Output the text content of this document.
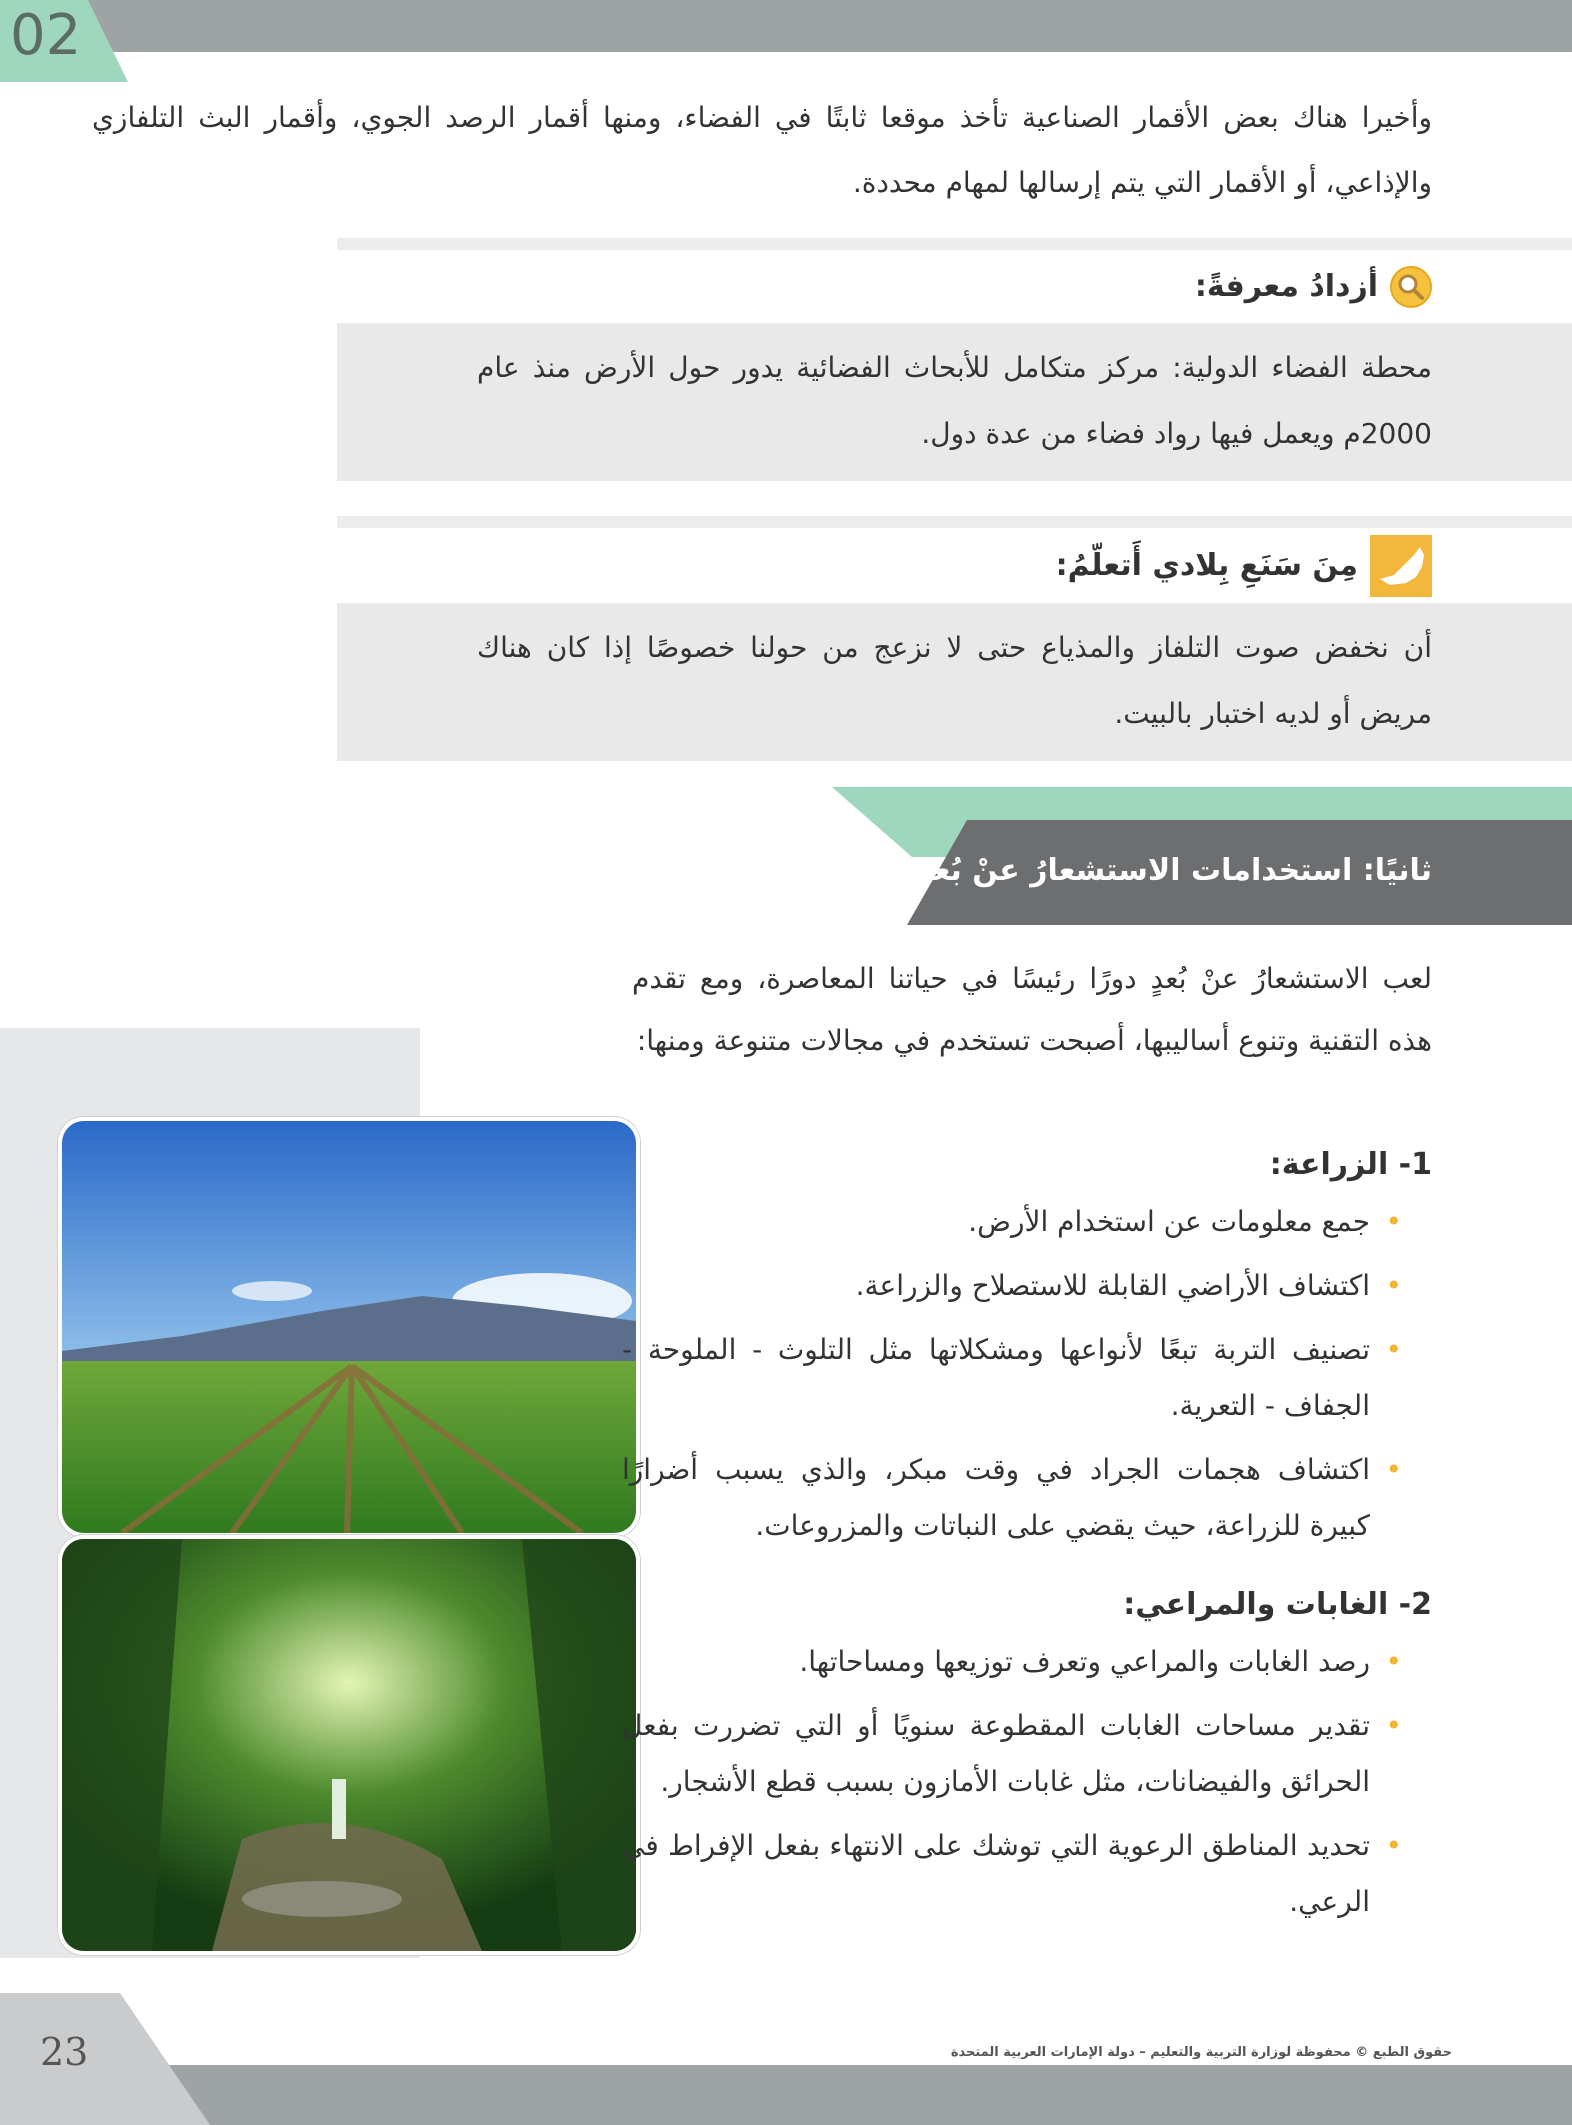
02
وأخيرا هناك بعض الأقمار الصناعية تأخذ موقعا ثابتًا في الفضاء، ومنها أقمار الرصد الجوي، وأقمار البث التلفازي والإذاعي، أو الأقمار التي يتم إرسالها لمهام محددة.
أزدادُ معرفةً:
محطة الفضاء الدولية: مركز متكامل للأبحاث الفضائية يدور حول الأرض منذ عام 2000م ويعمل فيها رواد فضاء من عدة دول.
مِنَ سَنَعِ بِلادي أَتعلّمُ:
أن نخفض صوت التلفاز والمذياع حتى لا نزعج من حولنا خصوصًا إذا كان هناك مريض أو لديه اختبار بالبيت.
ثانيًا: استخدامات الاستشعارُ عنْ بُعدٍ
لعب الاستشعارُ عنْ بُعدٍ دورًا رئيسًا في حياتنا المعاصرة، ومع تقدم هذه التقنية وتنوع أساليبها، أصبحت تستخدم في مجالات متنوعة ومنها:
1- الزراعة:
•
جمع معلومات عن استخدام الأرض.
•
اكتشاف الأراضي القابلة للاستصلاح والزراعة.
•
تصنيف التربة تبعًا لأنواعها ومشكلاتها مثل التلوث - الملوحة - الجفاف - التعرية.
•
اكتشاف هجمات الجراد في وقت مبكر، والذي يسبب أضرارًا كبيرة للزراعة، حيث يقضي على النباتات والمزروعات.
2- الغابات والمراعي:
•
رصد الغابات والمراعي وتعرف توزيعها ومساحاتها.
•
تقدير مساحات الغابات المقطوعة سنويًا أو التي تضررت بفعل الحرائق والفيضانات، مثل غابات الأمازون بسبب قطع الأشجار.
•
تحديد المناطق الرعوية التي توشك على الانتهاء بفعل الإفراط في الرعي.
23	حقوق الطبع © محفوظة لوزارة التربية والتعليم – دولة الإمارات العربية المتحدة
